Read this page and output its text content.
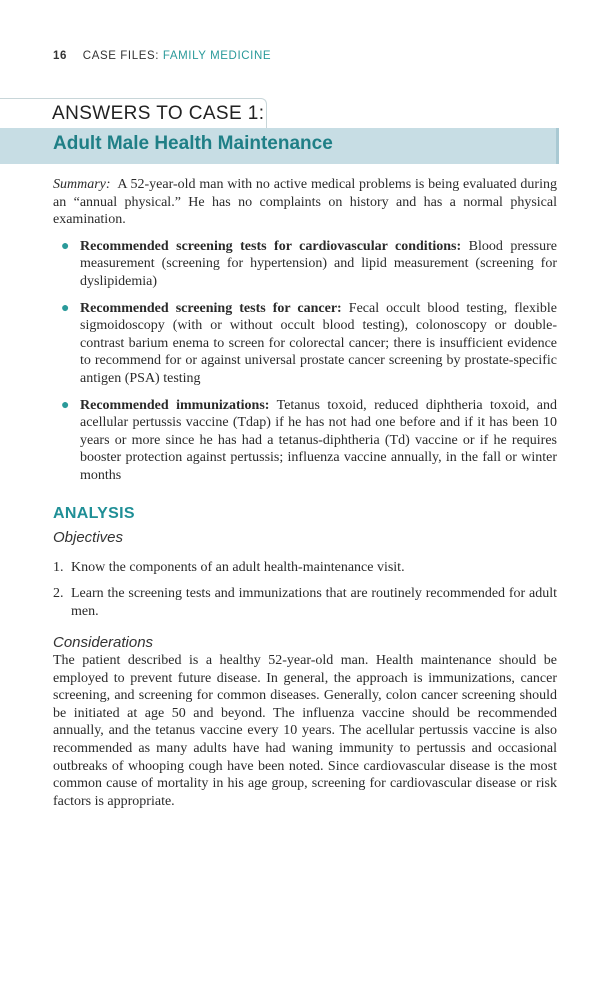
16 CASE FILES: FAMILY MEDICINE
ANSWERS TO CASE 1:
Adult Male Health Maintenance

Summary: A 52-year-old man with no active medical problems is being evaluated during an “annual physical.” He has no complaints on history and has a normal physical examination.

● Recommended screening tests for cardiovascular conditions: Blood pressure measurement (screening for hypertension) and lipid measurement (screening for dyslipidemia)
● Recommended screening tests for cancer: Fecal occult blood testing, flexible sigmoidoscopy (with or without occult blood testing), colonoscopy or double-contrast barium enema to screen for colorectal cancer; there is insufficient evidence to recommend for or against universal prostate cancer screening by prostate-specific antigen (PSA) testing
● Recommended immunizations: Tetanus toxoid, reduced diphtheria toxoid, and acellular pertussis vaccine (Tdap) if he has not had one before and if it has been 10 years or more since he has had a tetanus-diphtheria (Td) vaccine or if he requires booster protection against pertussis; influenza vaccine annually, in the fall or winter months
ANALYSIS
Objectives
1. Know the components of an adult health-maintenance visit.
2. Learn the screening tests and immunizations that are routinely recommended for adult men.
Considerations

The patient described is a healthy 52-year-old man. Health maintenance should be employed to prevent future disease. In general, the approach is immunizations, cancer screening, and screening for common diseases. Generally, colon cancer screening should be initiated at age 50 and beyond. The influenza vaccine should be recommended annually, and the tetanus vaccine every 10 years. The acellular pertussis vaccine is also recommended as many adults have had waning immunity to pertussis and occasional outbreaks of whooping cough have been noted. Since cardiovascular disease is the most common cause of mortality in his age group, screening for cardiovascular disease or risk factors is appropriate.
